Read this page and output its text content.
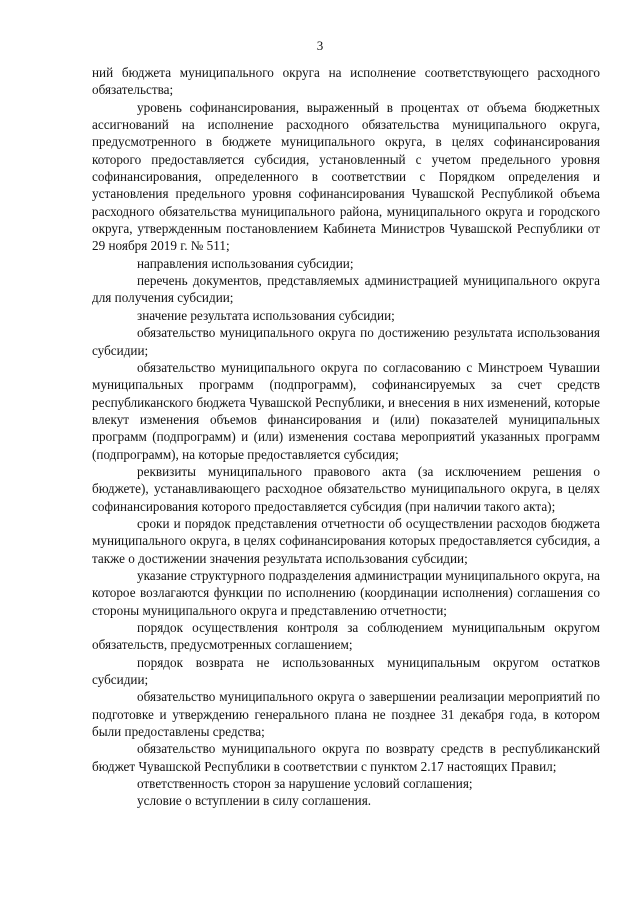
3

ний бюджета муниципального округа на исполнение соответствующего расходного обязательства;

уровень софинансирования, выраженный в процентах от объема бюджетных ассигнований на исполнение расходного обязательства муниципального округа, предусмотренного в бюджете муниципального округа, в целях софинансирования которого предоставляется субсидия, установленный с учетом предельного уровня софинансирования, определенного в соответствии с Порядком определения и установления предельного уровня софинансирования Чувашской Республикой объема расходного обязательства муниципального района, муниципального округа и городского округа, утвержденным постановлением Кабинета Министров Чувашской Республики от 29 ноября 2019 г. № 511;

направления использования субсидии;

перечень документов, представляемых администрацией муниципального округа для получения субсидии;

значение результата использования субсидии;

обязательство муниципального округа по достижению результата использования субсидии;

обязательство муниципального округа по согласованию с Минстроем Чувашии муниципальных программ (подпрограмм), софинансируемых за счет средств республиканского бюджета Чувашской Республики, и внесения в них изменений, которые влекут изменения объемов финансирования и (или) показателей муниципальных программ (подпрограмм) и (или) изменения состава мероприятий указанных программ (подпрограмм), на которые предоставляется субсидия;

реквизиты муниципального правового акта (за исключением решения о бюджете), устанавливающего расходное обязательство муниципального округа, в целях софинансирования которого предоставляется субсидия (при наличии такого акта);

сроки и порядок представления отчетности об осуществлении расходов бюджета муниципального округа, в целях софинансирования которых предоставляется субсидия, а также о достижении значения результата использования субсидии;

указание структурного подразделения администрации муниципального округа, на которое возлагаются функции по исполнению (координации исполнения) соглашения со стороны муниципального округа и представлению отчетности;

порядок осуществления контроля за соблюдением муниципальным округом обязательств, предусмотренных соглашением;

порядок возврата не использованных муниципальным округом остатков субсидии;

обязательство муниципального округа о завершении реализации мероприятий по подготовке и утверждению генерального плана не позднее 31 декабря года, в котором были предоставлены средства;

обязательство муниципального округа по возврату средств в республиканский бюджет Чувашской Республики в соответствии с пунктом 2.17 настоящих Правил;

ответственность сторон за нарушение условий соглашения;

условие о вступлении в силу соглашения.
